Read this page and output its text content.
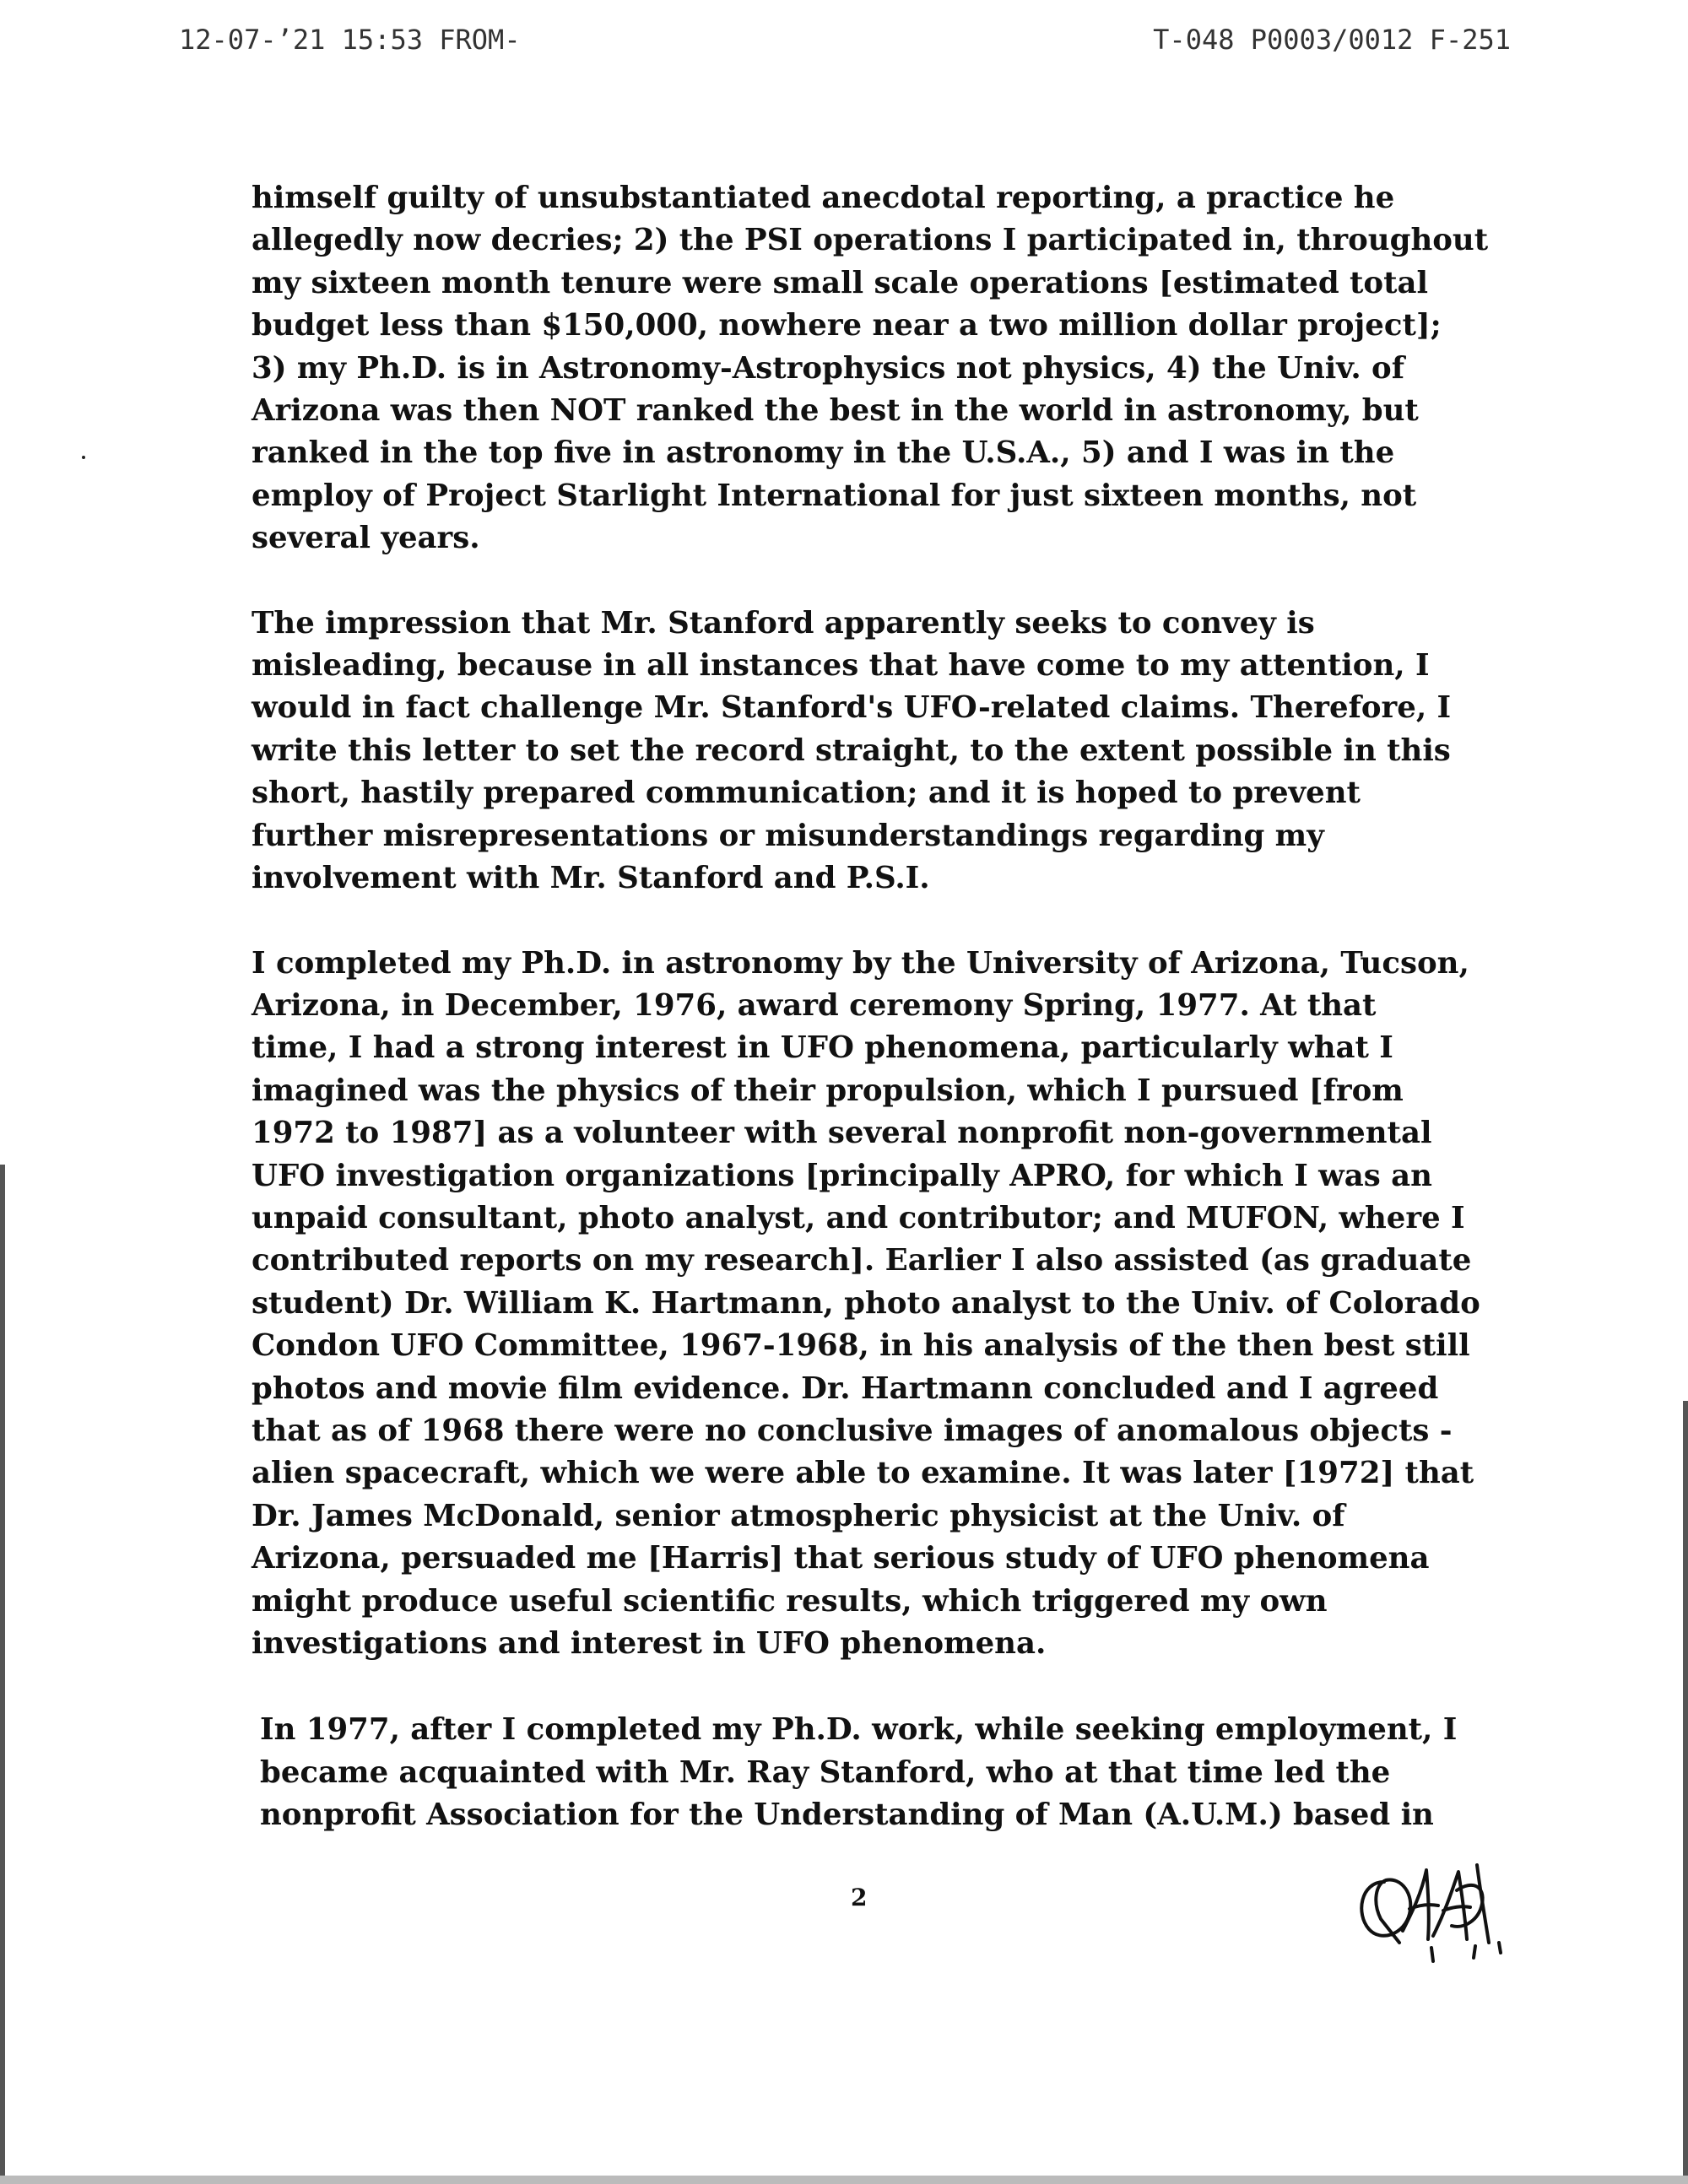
12-07-’21 15:53 FROM-	T-048 P0003/0012 F-251
himself guilty of unsubstantiated anecdotal reporting, a practice he
allegedly now decries; 2) the PSI operations I participated in, throughout
my sixteen month tenure were small scale operations [estimated total
budget less than $150,000, nowhere near a two million dollar project];
3) my Ph.D. is in Astronomy-Astrophysics not physics, 4) the Univ. of
Arizona was then NOT ranked the best in the world in astronomy, but
ranked in the top five in astronomy in the U.S.A., 5) and I was in the
employ of Project Starlight International for just sixteen months, not
several years.
The impression that Mr. Stanford apparently seeks to convey is
misleading, because in all instances that have come to my attention, I
would in fact challenge Mr. Stanford's UFO-related claims. Therefore, I
write this letter to set the record straight, to the extent possible in this
short, hastily prepared communication; and it is hoped to prevent
further misrepresentations or misunderstandings regarding my
involvement with Mr. Stanford and P.S.I.
I completed my Ph.D. in astronomy by the University of Arizona, Tucson,
Arizona, in December, 1976, award ceremony Spring, 1977. At that
time, I had a strong interest in UFO phenomena, particularly what I
imagined was the physics of their propulsion, which I pursued [from
1972 to 1987] as a volunteer with several nonprofit non-governmental
UFO investigation organizations [principally APRO, for which I was an
unpaid consultant, photo analyst, and contributor; and MUFON, where I
contributed reports on my research]. Earlier I also assisted (as graduate
student) Dr. William K. Hartmann, photo analyst to the Univ. of Colorado
Condon UFO Committee, 1967-1968, in his analysis of the then best still
photos and movie film evidence. Dr. Hartmann concluded and I agreed
that as of 1968 there were no conclusive images of anomalous objects -
alien spacecraft, which we were able to examine. It was later [1972] that
Dr. James McDonald, senior atmospheric physicist at the Univ. of
Arizona, persuaded me [Harris] that serious study of UFO phenomena
might produce useful scientific results, which triggered my own
investigations and interest in UFO phenomena.
In 1977, after I completed my Ph.D. work, while seeking employment, I
became acquainted with Mr. Ray Stanford, who at that time led the
nonprofit Association for the Understanding of Man (A.U.M.) based in
2
